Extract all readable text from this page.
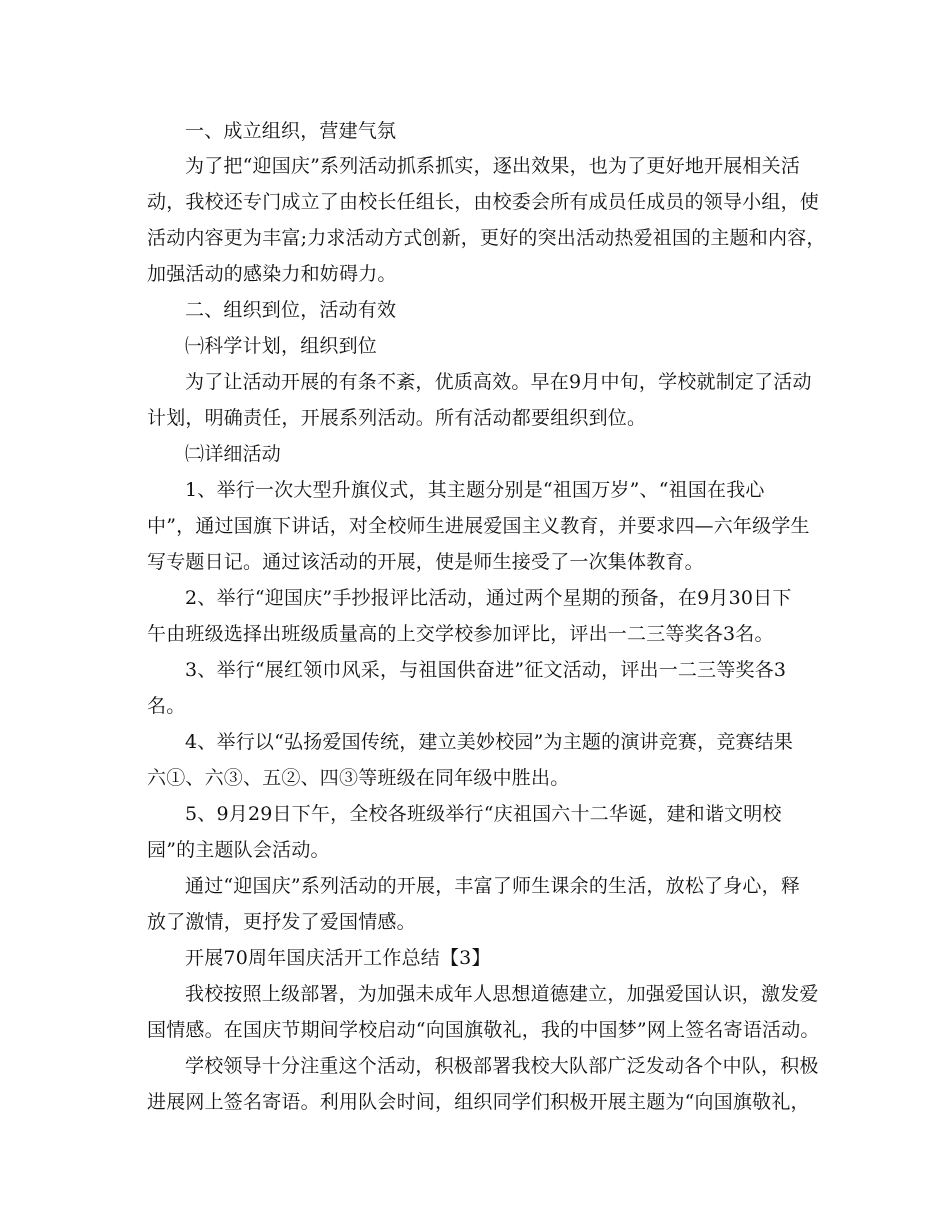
一、成立组织，营建气氛
为了把“迎国庆”系列活动抓系抓实，逐出效果，也为了更好地开展相关活
动，我校还专门成立了由校长任组长，由校委会所有成员任成员的领导小组，使
活动内容更为丰富;力求活动方式创新，更好的突出活动热爱祖国的主题和内容，
加强活动的感染力和妨碍力。
二、组织到位，活动有效
㈠科学计划，组织到位
为了让活动开展的有条不紊，优质高效。早在9月中旬，学校就制定了活动
计划，明确责任，开展系列活动。所有活动都要组织到位。
㈡详细活动
1、举行一次大型升旗仪式，其主题分别是“祖国万岁”、“祖国在我心
中”，通过国旗下讲话，对全校师生进展爱国主义教育，并要求四—六年级学生
写专题日记。通过该活动的开展，使是师生接受了一次集体教育。
2、举行“迎国庆”手抄报评比活动，通过两个星期的预备，在9月30日下
午由班级选择出班级质量高的上交学校参加评比，评出一二三等奖各3名。
3、举行“展红领巾风采，与祖国供奋进”征文活动，评出一二三等奖各3
名。
4、举行以“弘扬爱国传统，建立美妙校园”为主题的演讲竞赛，竞赛结果
六①、六③、五②、四③等班级在同年级中胜出。
5、9月29日下午，全校各班级举行“庆祖国六十二华诞，建和谐文明校
园”的主题队会活动。
通过“迎国庆”系列活动的开展，丰富了师生课余的生活，放松了身心，释
放了激情，更抒发了爱国情感。
开展70周年国庆活开工作总结【3】
我校按照上级部署，为加强未成年人思想道德建立，加强爱国认识，激发爱
国情感。在国庆节期间学校启动“向国旗敬礼，我的中国梦”网上签名寄语活动。
学校领导十分注重这个活动，积极部署我校大队部广泛发动各个中队，积极
进展网上签名寄语。利用队会时间，组织同学们积极开展主题为“向国旗敬礼，
